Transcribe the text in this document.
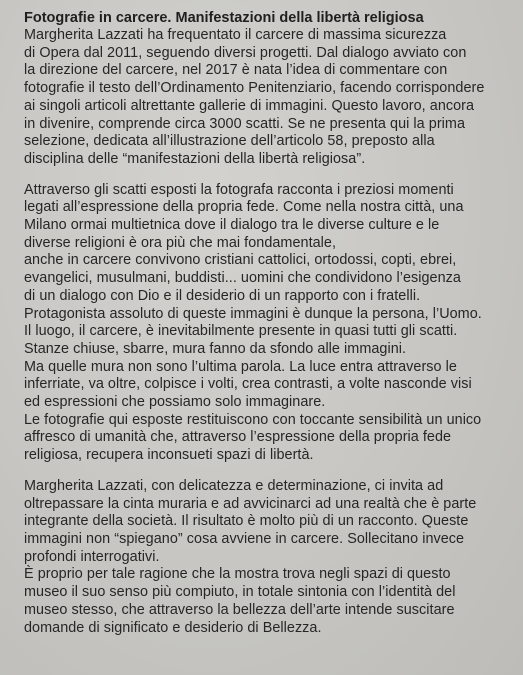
Fotografie in carcere. Manifestazioni della libertà religiosa
Margherita Lazzati ha frequentato il carcere di massima sicurezza
di Opera dal 2011, seguendo diversi progetti. Dal dialogo avviato con
la direzione del carcere, nel 2017 è nata l’idea di commentare con
fotografie il testo dell’Ordinamento Penitenziario, facendo corrispondere
ai singoli articoli altrettante gallerie di immagini. Questo lavoro, ancora
in divenire, comprende circa 3000 scatti. Se ne presenta qui la prima
selezione, dedicata all’illustrazione dell’articolo 58, preposto alla
disciplina delle “manifestazioni della libertà religiosa”.
Attraverso gli scatti esposti la fotografa racconta i preziosi momenti
legati all’espressione della propria fede. Come nella nostra città, una
Milano ormai multietnica dove il dialogo tra le diverse culture e le
diverse religioni è ora più che mai fondamentale,
anche in carcere convivono cristiani cattolici, ortodossi, copti, ebrei,
evangelici, musulmani, buddisti... uomini che condividono l’esigenza
di un dialogo con Dio e il desiderio di un rapporto con i fratelli.
Protagonista assoluto di queste immagini è dunque la persona, l’Uomo.
Il luogo, il carcere, è inevitabilmente presente in quasi tutti gli scatti.
Stanze chiuse, sbarre, mura fanno da sfondo alle immagini.
Ma quelle mura non sono l’ultima parola. La luce entra attraverso le
inferriate, va oltre, colpisce i volti, crea contrasti, a volte nasconde visi
ed espressioni che possiamo solo immaginare.
Le fotografie qui esposte restituiscono con toccante sensibilità un unico
affresco di umanità che, attraverso l’espressione della propria fede
religiosa, recupera inconsueti spazi di libertà.
Margherita Lazzati, con delicatezza e determinazione, ci invita ad
oltrepassare la cinta muraria e ad avvicinarci ad una realtà che è parte
integrante della società. Il risultato è molto più di un racconto. Queste
immagini non “spiegano” cosa avviene in carcere. Sollecitano invece
profondi interrogativi.
È proprio per tale ragione che la mostra trova negli spazi di questo
museo il suo senso più compiuto, in totale sintonia con l’identità del
museo stesso, che attraverso la bellezza dell’arte intende suscitare
domande di significato e desiderio di Bellezza.
